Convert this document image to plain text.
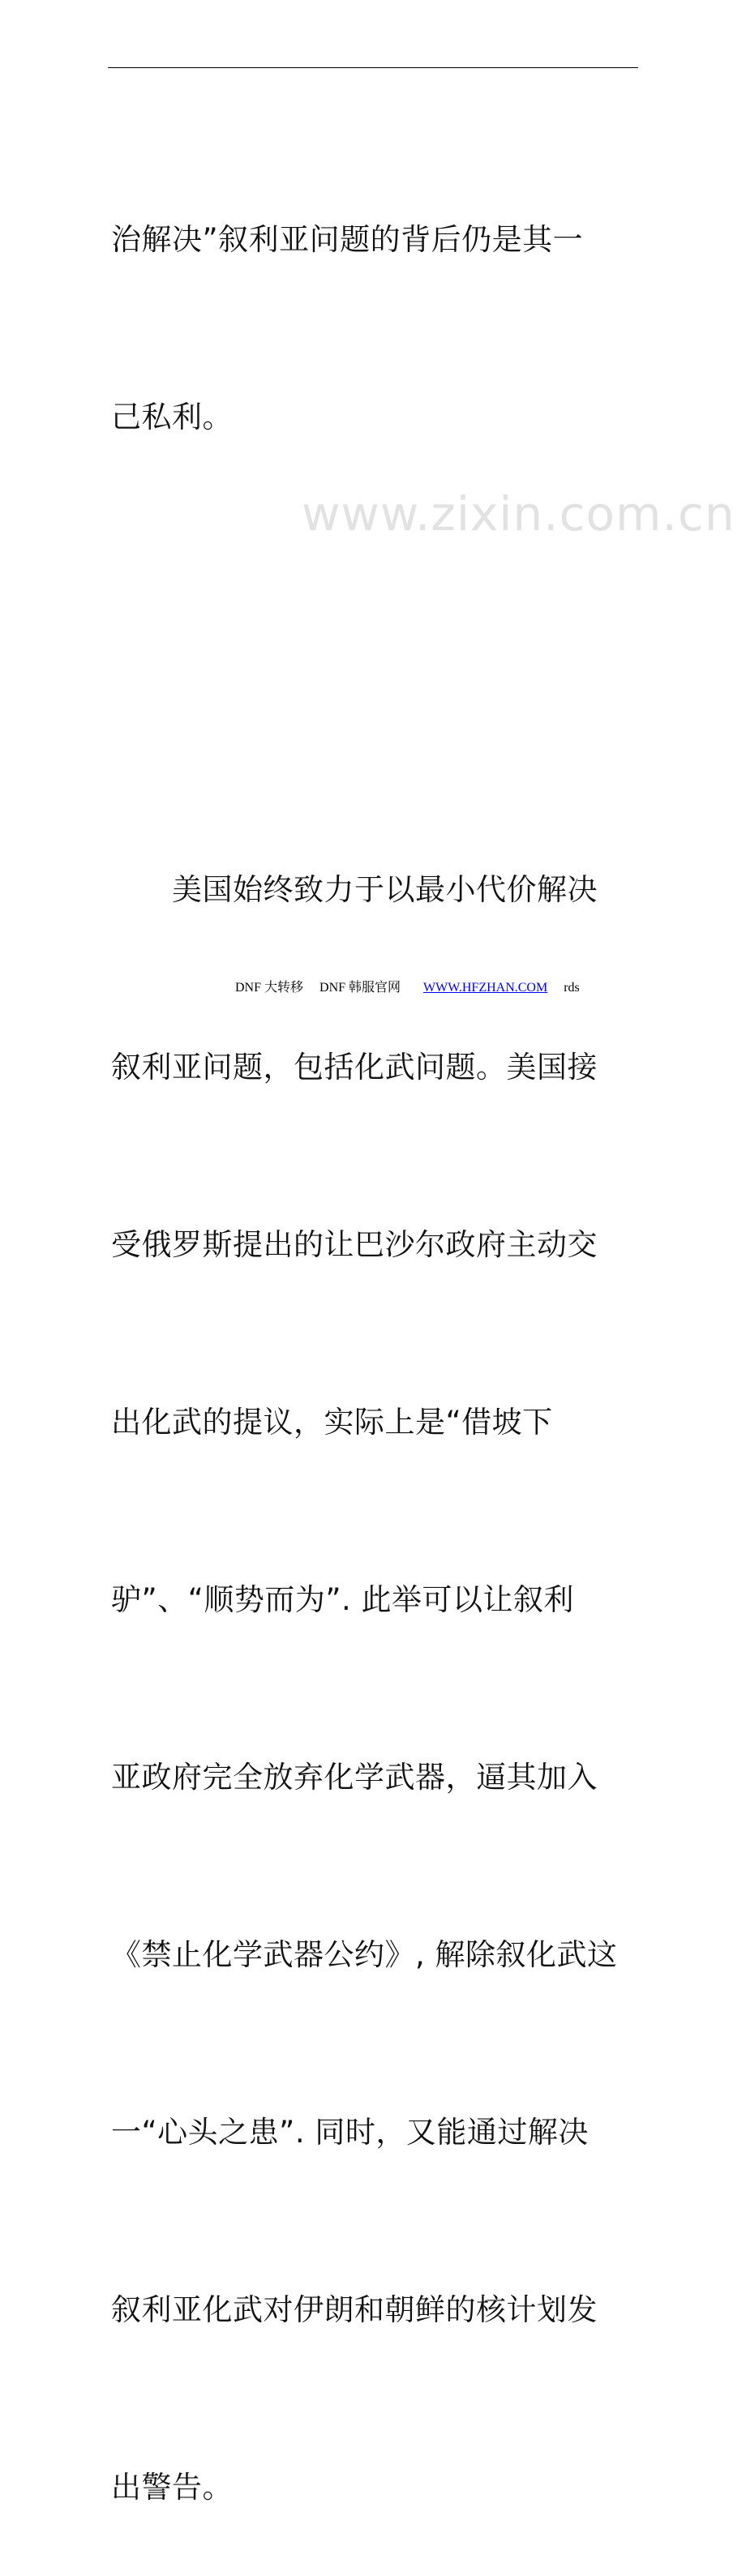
www.zixin.com.cn

治解决”叙利亚问题的背后仍是其一

己私利。

　　美国始终致力于以最小代价解决

叙利亚问题，包括化武问题。美国接

受俄罗斯提出的让巴沙尔政府主动交

出化武的提议，实际上是“借坡下

驴”、“顺势而为”. 此举可以让叙利

亚政府完全放弃化学武器，逼其加入

《禁止化学武器公约》, 解除叙化武这

一“心头之患”. 同时，又能通过解决

叙利亚化武对伊朗和朝鲜的核计划发

出警告。

DNF 大转移 DNF 韩服官网 WWW.HFZHAN.COM rds
